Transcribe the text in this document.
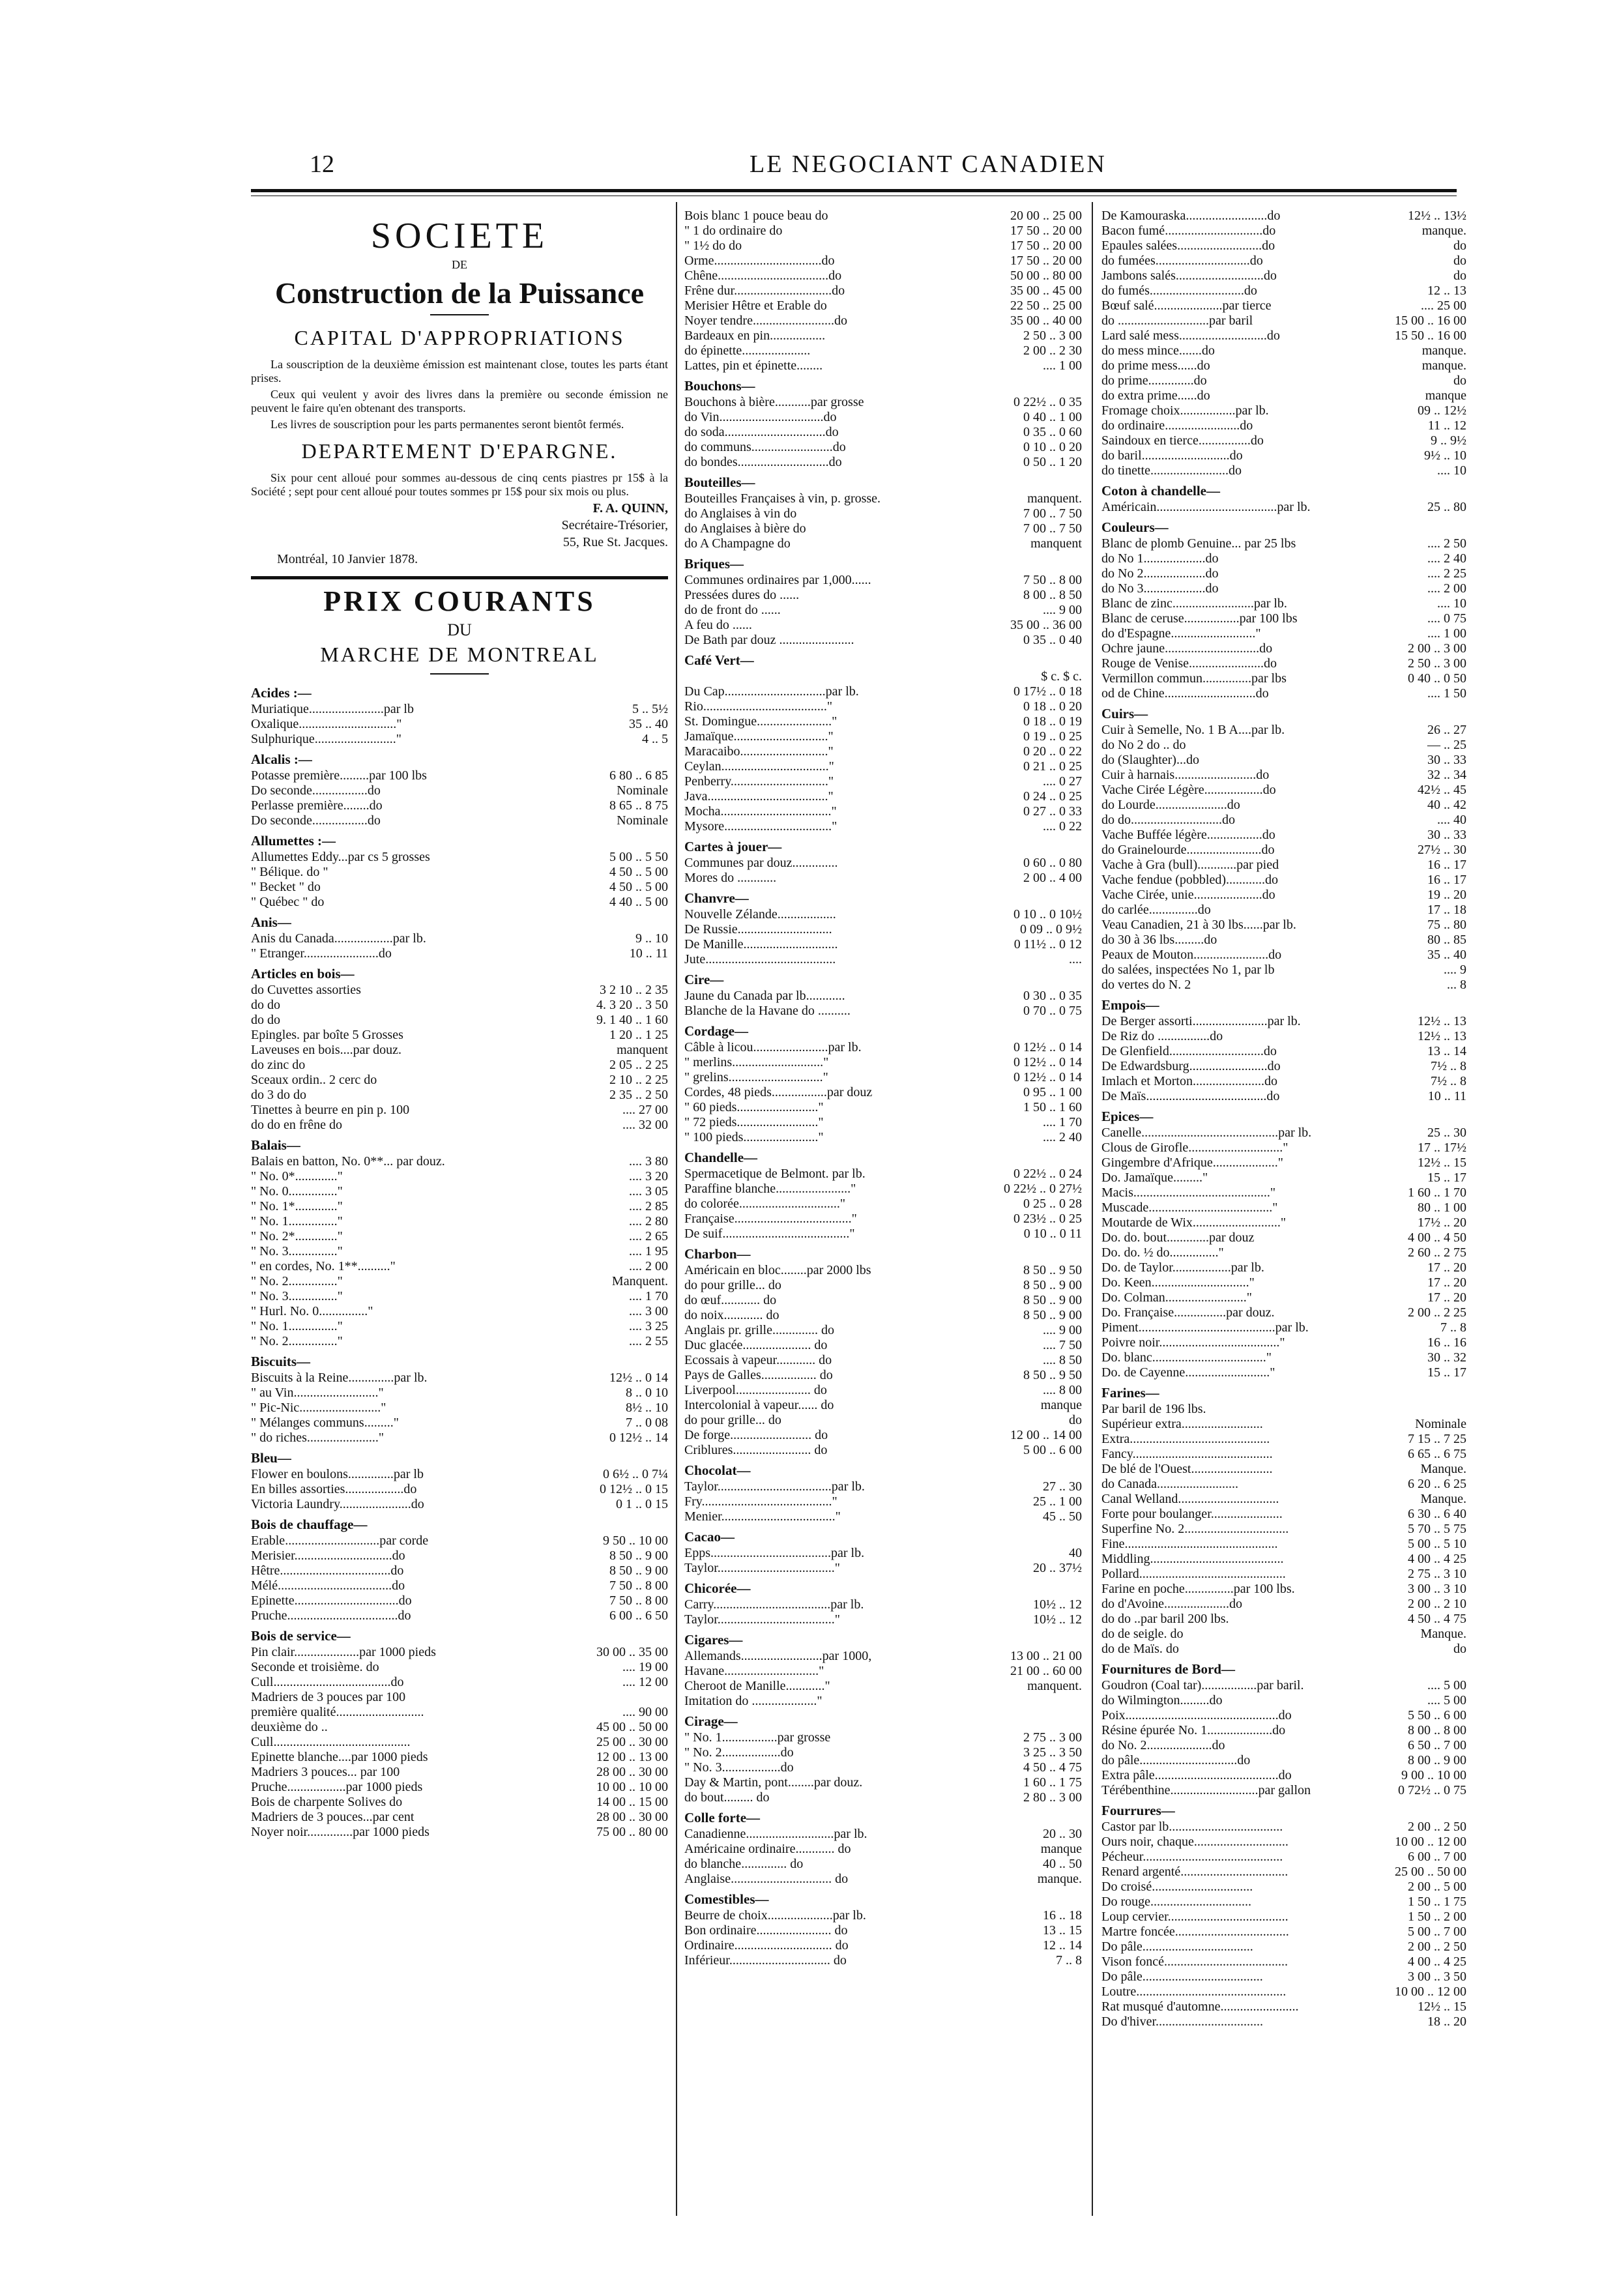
12	LE NEGOCIANT CANADIEN
SOCIETE
DE
Construction de la Puissance
CAPITAL D'APPROPRIATIONS
La souscription de la deuxième émission est maintenant close, toutes les parts étant prises.
Ceux qui veulent y avoir des livres dans la première ou seconde émission ne peuvent le faire qu'en obtenant des transports.
Les livres de souscription pour les parts permanentes seront bientôt fermés.
DEPARTEMENT D'EPARGNE.
Six pour cent alloué pour sommes au-dessous de cinq cents piastres pr 15$ à la Société ; sept pour cent alloué pour toutes sommes pr 15$ pour six mois ou plus.
F. A. QUINN,
Secrétaire-Trésorier,
55, Rue St. Jacques.
Montréal, 10 Janvier 1878.
PRIX COURANTS
DU
MARCHE DE MONTREAL
Acides :—
Muriatique.......................par lb	5 .. 5½
Oxalique.............................."	35 .. 40
Sulphurique........................."	4 .. 5
Alcalis :—
Potasse première.........par 100 lbs	6 80 .. 6 85
Do seconde.................do	Nominale
Perlasse première........do	8 65 .. 8 75
Do seconde.................do	Nominale
Allumettes :—
Allumettes Eddy...par cs 5 grosses	5 00 .. 5 50
" Bélique. do "	4 50 .. 5 00
" Becket " do	4 50 .. 5 00
" Québec " do	4 40 .. 5 00
Anis—
Anis du Canada..................par lb.	9 .. 10
" Etranger.......................do	10 .. 11
Articles en bois—
do Cuvettes assorties	3 2 10 .. 2 35
do do	4. 3 20 .. 3 50
do do	9. 1 40 .. 1 60
Epingles. par boîte 5 Grosses	1 20 .. 1 25
Laveuses en bois....par douz.	manquent
do zinc do	2 05 .. 2 25
Sceaux ordin.. 2 cerc do	2 10 .. 2 25
do 3 do do	2 35 .. 2 50
Tinettes à beurre en pin p. 100	.... 27 00
do do en frêne do	.... 32 00
Balais—
Balais en batton, No. 0**... par douz.	.... 3 80
" No. 0*............."	.... 3 20
" No. 0..............."	.... 3 05
" No. 1*............."	.... 2 85
" No. 1..............."	.... 2 80
" No. 2*............."	.... 2 65
" No. 3..............."	.... 1 95
" en cordes, No. 1**.........."	.... 2 00
" No. 2..............."	Manquent.
" No. 3..............."	.... 1 70
" Hurl. No. 0..............."	.... 3 00
" No. 1..............."	.... 3 25
" No. 2..............."	.... 2 55
Biscuits—
Biscuits à la Reine..............par lb.	12½ .. 0 14
" au Vin.........................."	8 .. 0 10
" Pic-Nic........................."	8½ .. 10
" Mélanges communs........."	7 .. 0 08
" do riches......................"	0 12½ .. 14
Bleu—
Flower en boulons..............par lb	0 6½ .. 0 7¼
En billes assorties..................do	0 12½ .. 0 15
Victoria Laundry......................do	0 1 .. 0 15
Bois de chauffage—
Erable.............................par corde	9 50 .. 10 00
Merisier..............................do	8 50 .. 9 00
Hêtre..................................do	8 50 .. 9 00
Mélé...................................do	7 50 .. 8 00
Epinette................................do	7 50 .. 8 00
Pruche..................................do	6 00 .. 6 50
Bois de service—
Pin clair....................par 1000 pieds	30 00 .. 35 00
Seconde et troisième. do	.... 19 00
Cull....................................do	.... 12 00
Madriers de 3 pouces par 100
première qualité...........................	.... 90 00
deuxième do ..	45 00 .. 50 00
Cull..........................................	25 00 .. 30 00
Epinette blanche....par 1000 pieds	12 00 .. 13 00
Madriers 3 pouces... par 100	28 00 .. 30 00
Pruche..................par 1000 pieds	10 00 .. 10 00
Bois de charpente Solives do	14 00 .. 15 00
Madriers de 3 pouces...par cent	28 00 .. 30 00
Noyer noir..............par 1000 pieds	75 00 .. 80 00
Bois blanc 1 pouce beau do	20 00 .. 25 00
" 1 do ordinaire do	17 50 .. 20 00
" 1½ do do	17 50 .. 20 00
Orme.................................do	17 50 .. 20 00
Chêne..................................do	50 00 .. 80 00
Frêne dur..............................do	35 00 .. 45 00
Merisier Hêtre et Erable do	22 50 .. 25 00
Noyer tendre.........................do	35 00 .. 40 00
Bardeaux en pin.................	2 50 .. 3 00
do épinette.....................	2 00 .. 2 30
Lattes, pin et épinette........	.... 1 00
Bouchons—
Bouchons à bière...........par grosse	0 22½ .. 0 35
do Vin................................do	0 40 .. 1 00
do soda...............................do	0 35 .. 0 60
do communs.........................do	0 10 .. 0 20
do bondes............................do	0 50 .. 1 20
Bouteilles—
Bouteilles Françaises à vin, p. grosse.	manquent.
do Anglaises à vin do	7 00 .. 7 50
do Anglaises à bière do	7 00 .. 7 50
do A Champagne do	manquent
Briques—
Communes ordinaires par 1,000......	7 50 .. 8 00
Pressées dures do ......	8 00 .. 8 50
do de front do ......	.... 9 00
A feu do ......	35 00 .. 36 00
De Bath par douz .......................	0 35 .. 0 40
Café Vert—
$ c. $ c.
Du Cap...............................par lb.	0 17½ .. 0 18
Rio......................................"	0 18 .. 0 20
St. Domingue......................."	0 18 .. 0 19
Jamaïque............................."	0 19 .. 0 25
Maracaibo..........................."	0 20 .. 0 22
Ceylan................................."	0 21 .. 0 25
Penberry.............................."	.... 0 27
Java....................................."	0 24 .. 0 25
Mocha.................................."	0 27 .. 0 33
Mysore................................."	.... 0 22
Cartes à jouer—
Communes par douz..............	0 60 .. 0 80
Mores do ............	2 00 .. 4 00
Chanvre—
Nouvelle Zélande..................	0 10 .. 0 10½
De Russie.............................	0 09 .. 0 9½
De Manille.............................	0 11½ .. 0 12
Jute........................................	....
Cire—
Jaune du Canada par lb............	0 30 .. 0 35
Blanche de la Havane do ..........	0 70 .. 0 75
Cordage—
Câble à licou.......................par lb.	0 12½ .. 0 14
" merlins............................"	0 12½ .. 0 14
" grelins............................."	0 12½ .. 0 14
Cordes, 48 pieds.................par douz	0 95 .. 1 00
" 60 pieds........................."	1 50 .. 1 60
" 72 pieds........................."	.... 1 70
" 100 pieds......................."	.... 2 40
Chandelle—
Spermacetique de Belmont. par lb.	0 22½ .. 0 24
Paraffine blanche......................."	0 22½ .. 0 27½
do colorée..............................."	0 25 .. 0 28
Française...................................."	0 23½ .. 0 25
De suif......................................."	0 10 .. 0 11
Charbon—
Américain en bloc........par 2000 lbs	8 50 .. 9 50
do pour grille... do	8 50 .. 9 00
do œuf............ do	8 50 .. 9 00
do noix............ do	8 50 .. 9 00
Anglais pr. grille.............. do	.... 9 00
Duc glacée..................... do	.... 7 50
Ecossais à vapeur............ do	.... 8 50
Pays de Galles................. do	8 50 .. 9 50
Liverpool....................... do	.... 8 00
Intercolonial à vapeur...... do	manque
do pour grille... do	do
De forge......................... do	12 00 .. 14 00
Criblures........................ do	5 00 .. 6 00
Chocolat—
Taylor...................................par lb.	27 .. 30
Fry........................................"	25 .. 1 00
Menier..................................."	45 .. 50
Cacao—
Epps.....................................par lb.	40
Taylor...................................."	20 .. 37½
Chicorée—
Carry....................................par lb.	10½ .. 12
Taylor...................................."	10½ .. 12
Cigares—
Allemands.........................par 1000,	13 00 .. 21 00
Havane............................."	21 00 .. 60 00
Cheroot de Manille............"	manquent.
Imitation do ...................."
Cirage—
" No. 1.................par grosse	2 75 .. 3 00
" No. 2..................do	3 25 .. 3 50
" No. 3..................do	4 50 .. 4 75
Day & Martin, pont........par douz.	1 60 .. 1 75
do bout......... do	2 80 .. 3 00
Colle forte—
Canadienne...........................par lb.	20 .. 30
Américaine ordinaire............ do	manque
do blanche.............. do	40 .. 50
Anglaise............................... do	manque.
Comestibles—
Beurre de choix....................par lb.	16 .. 18
Bon ordinaire....................... do	13 .. 15
Ordinaire.............................. do	12 .. 14
Inférieur............................... do	7 .. 8
De Kamouraska.........................do	12½ .. 13½
Bacon fumé..............................do	manque.
Epaules salées..........................do	do
do fumées.............................do	do
Jambons salés...........................do	do
do fumés.............................do	12 .. 13
Bœuf salé.....................par tierce	.... 25 00
do ............................par baril	15 00 .. 16 00
Lard salé mess...........................do	15 50 .. 16 00
do mess mince.......do	manque.
do prime mess......do	manque.
do prime..............do	do
do extra prime......do	manque
Fromage choix.................par lb.	09 .. 12½
do ordinaire.......................do	11 .. 12
Saindoux en tierce................do	9 .. 9½
do baril...........................do	9½ .. 10
do tinette........................do	.... 10
Coton à chandelle—
Américain.....................................par lb.	25 .. 80
Couleurs—
Blanc de plomb Genuine... par 25 lbs	.... 2 50
do No 1...................do	.... 2 40
do No 2...................do	.... 2 25
do No 3...................do	.... 2 00
Blanc de zinc.........................par lb.	.... 10
Blanc de ceruse.................par 100 lbs	.... 0 75
do d'Espagne.........................."	.... 1 00
Ochre jaune.............................do	2 00 .. 3 00
Rouge de Venise.......................do	2 50 .. 3 00
Vermillon commun...............par lbs	0 40 .. 0 50
od de Chine............................do	.... 1 50
Cuirs—
Cuir à Semelle, No. 1 B A....par lb.	26 .. 27
do No 2 do .. do	— .. 25
do (Slaughter)...do	30 .. 33
Cuir à harnais.........................do	32 .. 34
Vache Cirée Légère..................do	42½ .. 45
do Lourde......................do	40 .. 42
do do............................do	.... 40
Vache Buffée légère.................do	30 .. 33
do Grainelourde.......................do	27½ .. 30
Vache à Gra (bull)............par pied	16 .. 17
Vache fendue (pobbled)............do	16 .. 17
Vache Cirée, unie.....................do	19 .. 20
do carlée...............do	17 .. 18
Veau Canadien, 21 à 30 lbs......par lb.	75 .. 80
do 30 à 36 lbs.........do	80 .. 85
Peaux de Mouton.......................do	35 .. 40
do salées, inspectées No 1, par lb	.... 9
do vertes do N. 2	... 8
Empois—
De Berger assorti.......................par lb.	12½ .. 13
De Riz do ................do	12½ .. 13
De Glenfield.............................do	13 .. 14
De Edwardsburg........................do	7½ .. 8
Imlach et Morton......................do	7½ .. 8
De Maïs.....................................do	10 .. 11
Epices—
Canelle..........................................par lb.	25 .. 30
Clous de Girofle............................."	17 .. 17½
Gingembre d'Afrique...................."	12½ .. 15
Do. Jamaïque........."	15 .. 17
Macis.........................................."	1 60 .. 1 70
Muscade......................................"	80 .. 1 00
Moutarde de Wix..........................."	17½ .. 20
Do. do. bout.............par douz	4 00 .. 4 50
Do. do. ½ do..............."	2 60 .. 2 75
Do. de Taylor..................par lb.	17 .. 20
Do. Keen.............................."	17 .. 20
Do. Colman........................."	17 .. 20
Do. Française................par douz.	2 00 .. 2 25
Piment..........................................par lb.	7 .. 8
Poivre noir....................................."	16 .. 16
Do. blanc..................................."	30 .. 32
Do. de Cayenne.........................."	15 .. 17
Farines—
Par baril de 196 lbs.
Supérieur extra.........................	Nominale
Extra...........................................	7 15 .. 7 25
Fancy...........................................	6 65 .. 6 75
De blé de l'Ouest.........................	Manque.
do Canada.........................	6 20 .. 6 25
Canal Welland...............................	Manque.
Forte pour boulanger......................	6 30 .. 6 40
Superfine No. 2................................	5 70 .. 5 75
Fine...............................................	5 00 .. 5 10
Middling.........................................	4 00 .. 4 25
Pollard.............................................	2 75 .. 3 10
Farine en poche...............par 100 lbs.	3 00 .. 3 10
do d'Avoine....................do	2 00 .. 2 10
do do ..par baril 200 lbs.	4 50 .. 4 75
do de seigle. do	Manque.
do de Maïs. do	do
Fournitures de Bord—
Goudron (Coal tar).................par baril.	.... 5 00
do Wilmington.........do	.... 5 00
Poix...............................................do	5 50 .. 6 00
Résine épurée No. 1....................do	8 00 .. 8 00
do No. 2....................do	6 50 .. 7 00
do pâle..............................do	8 00 .. 9 00
Extra pâle......................................do	9 00 .. 10 00
Térébenthine...........................par gallon	0 72½ .. 0 75
Fourrures—
Castor par lb...................................	2 00 .. 2 50
Ours noir, chaque.............................	10 00 .. 12 00
Pécheur...........................................	6 00 .. 7 00
Renard argenté.................................	25 00 .. 50 00
Do croisé...............................	2 00 .. 5 00
Do rouge...............................	1 50 .. 1 75
Loup cervier.....................................	1 50 .. 2 00
Martre foncée...................................	5 00 .. 7 00
Do pâle..................................	2 00 .. 2 50
Vison foncé......................................	4 00 .. 4 25
Do pâle.....................................	3 00 .. 3 50
Loutre..............................................	10 00 .. 12 00
Rat musqué d'automne........................	12½ .. 15
Do d'hiver.................................	18 .. 20
